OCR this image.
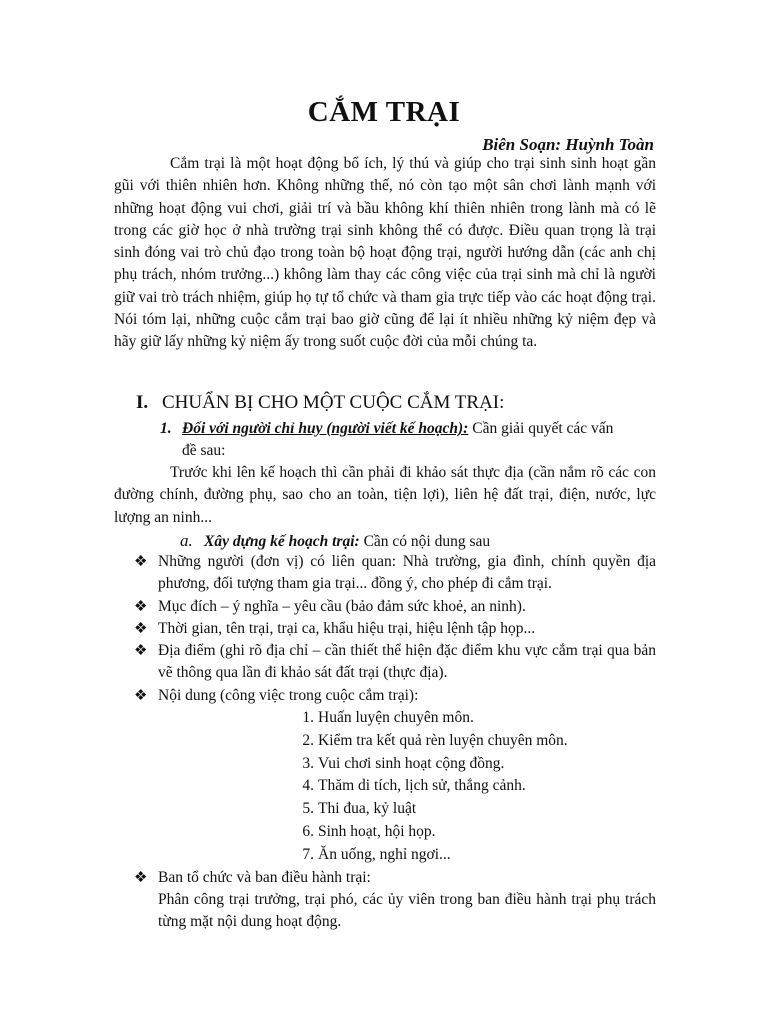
CẮM TRẠI
Biên Soạn: Huỳnh Toàn

Cắm trại là một hoạt động bổ ích, lý thú và giúp cho trại sinh sinh hoạt gần gũi với thiên nhiên hơn. Không những thế, nó còn tạo một sân chơi lành mạnh với những hoạt động vui chơi, giải trí và bầu không khí thiên nhiên trong lành mà có lẽ trong các giờ học ở nhà trường trại sinh không thể có được. Điều quan trọng là trại sinh đóng vai trò chủ đạo trong toàn bộ hoạt động trại, người hướng dẫn (các anh chị phụ trách, nhóm trưởng...) không làm thay các công việc của trại sinh mà chỉ là người giữ vai trò trách nhiệm, giúp họ tự tổ chức và tham gia trực tiếp vào các hoạt động trại. Nói tóm lại, những cuộc cắm trại bao giờ cũng để lại ít nhiều những kỷ niệm đẹp và hãy giữ lấy những kỷ niệm ấy trong suốt cuộc đời của mỗi chúng ta.

I. CHUẨN BỊ CHO MỘT CUỘC CẮM TRẠI:
1. Đối với người chỉ huy (người viết kế hoạch): Cần giải quyết các vấn
đề sau:

Trước khi lên kế hoạch thì cần phải đi khảo sát thực địa (cần nắm rõ các con đường chính, đường phụ, sao cho an toàn, tiện lợi), liên hệ đất trại, điện, nước, lực lượng an ninh...

a. Xây dựng kế hoạch trại: Cần có nội dung sau
❖ Những người (đơn vị) có liên quan: Nhà trường, gia đình, chính quyền địa phương, đối tượng tham gia trại... đồng ý, cho phép đi cắm trại.
❖ Mục đích – ý nghĩa – yêu cầu (bảo đảm sức khoẻ, an ninh).
❖ Thời gian, tên trại, trại ca, khẩu hiệu trại, hiệu lệnh tập họp...
❖ Địa điểm (ghi rõ địa chỉ – cần thiết thể hiện đặc điểm khu vực cắm trại qua bản vẽ thông qua lần đi khảo sát đất trại (thực địa).
❖ Nội dung (công việc trong cuộc cắm trại):
1. Huấn luyện chuyên môn.
2. Kiểm tra kết quả rèn luyện chuyên môn.
3. Vui chơi sinh hoạt cộng đồng.
4. Thăm di tích, lịch sử, thắng cảnh.
5. Thi đua, kỷ luật
6. Sinh hoạt, hội họp.
7. Ăn uống, nghỉ ngơi...
❖ Ban tổ chức và ban điều hành trại:
Phân công trại trưởng, trại phó, các ủy viên trong ban điều hành trại phụ trách từng mặt nội dung hoạt động.
